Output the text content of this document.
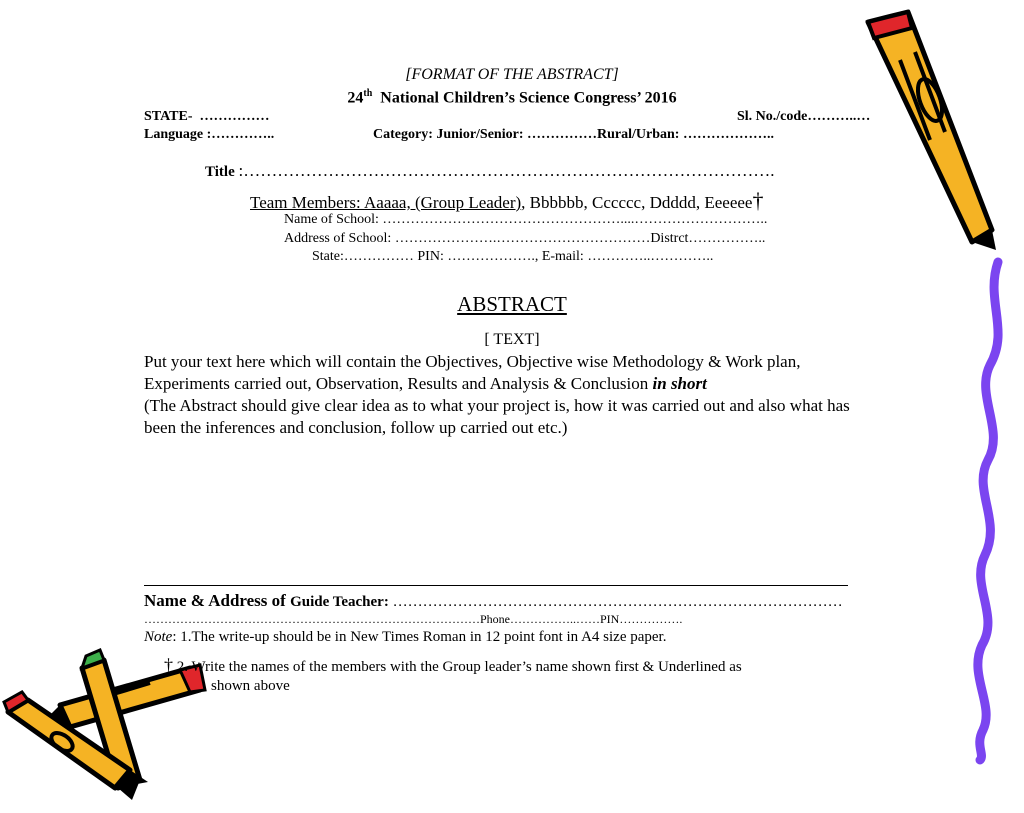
[FORMAT OF THE ABSTRACT]
24th National Children’s Science Congress’ 2016
STATE- ……………	Sl. No./code………..…
Language :…………..	Category: Junior/Senior: ……………Rural/Urban: ………………..
Title :………………………………………………………………………………….
Team Members: Aaaaa, (Group Leader), Bbbbbb, Cccccc, Ddddd, Eeeeee†
Name of School: ……………………………………………....………………………..
Address of School: ………………….……………………………Distrct……………..
State:…………… PIN: ………………., E-mail: …………..…………..
ABSTRACT
[ TEXT]
Put your text here which will contain the Objectives, Objective wise Methodology & Work plan,
Experiments carried out, Observation, Results and Analysis & Conclusion in short
(The Abstract should give clear idea as to what your project is, how it was carried out and also what has
been the inferences and conclusion, follow up carried out etc.)
Name & Address of Guide Teacher: ………………………………………………………………………………
…………………………………………………………………………Phone……………..……PIN…………….
Note: 1.The write-up should be in New Times Roman in 12 point font in A4 size paper.
† 2. Write the names of the members with the Group leader’s name shown first & Underlined as
shown above
